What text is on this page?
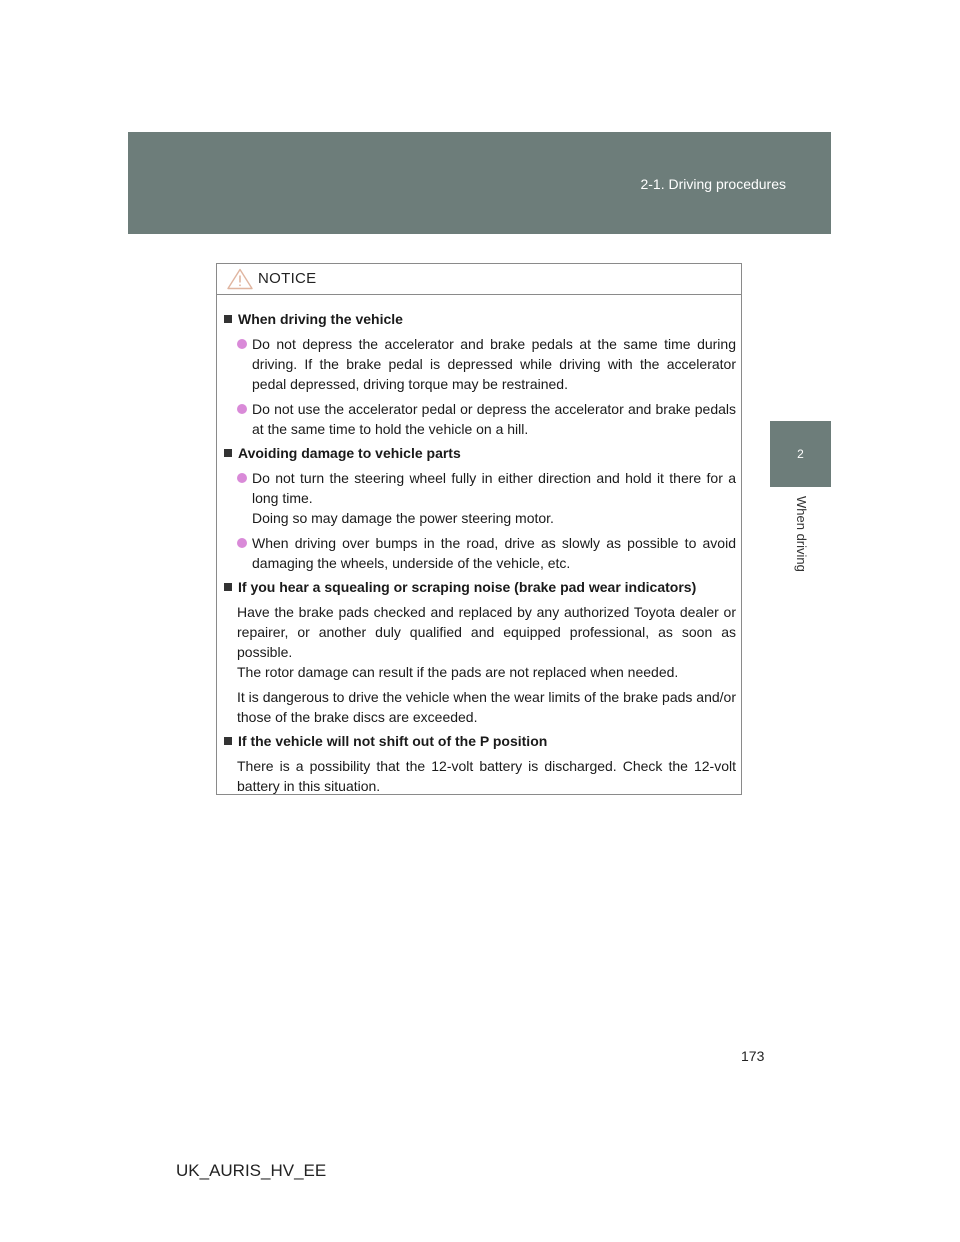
2-1. Driving procedures
2
When driving
NOTICE
When driving the vehicle
Do not depress the accelerator and brake pedals at the same time during driving. If the brake pedal is depressed while driving with the accelerator pedal depressed, driving torque may be restrained.
Do not use the accelerator pedal or depress the accelerator and brake pedals at the same time to hold the vehicle on a hill.
Avoiding damage to vehicle parts
Do not turn the steering wheel fully in either direction and hold it there for a long time.
Doing so may damage the power steering motor.
When driving over bumps in the road, drive as slowly as possible to avoid damaging the wheels, underside of the vehicle, etc.
If you hear a squealing or scraping noise (brake pad wear indicators)
Have the brake pads checked and replaced by any authorized Toyota dealer or repairer, or another duly qualified and equipped professional, as soon as possible.
The rotor damage can result if the pads are not replaced when needed.
It is dangerous to drive the vehicle when the wear limits of the brake pads and/or those of the brake discs are exceeded.
If the vehicle will not shift out of the P position
There is a possibility that the 12-volt battery is discharged. Check the 12-volt battery in this situation.
173
UK_AURIS_HV_EE
